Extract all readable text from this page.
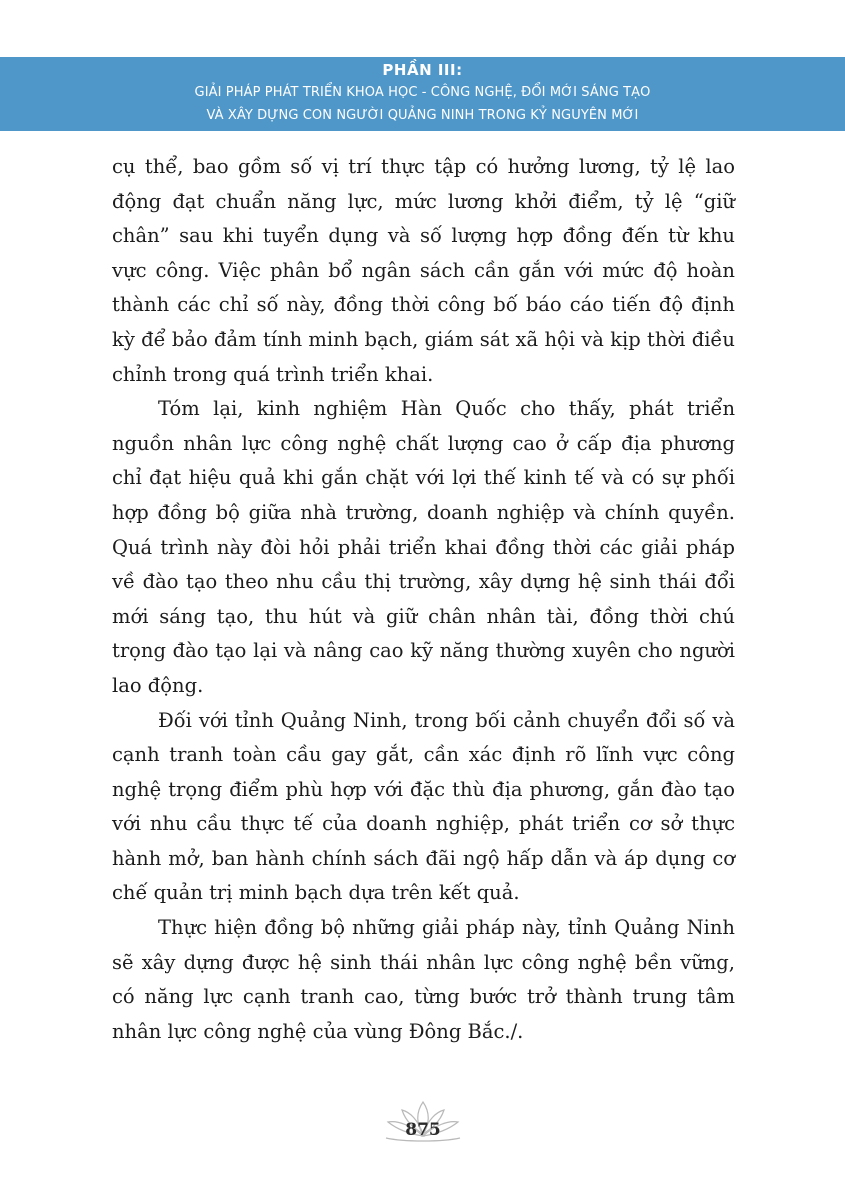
PHẦN III:
GIẢI PHÁP PHÁT TRIỂN KHOA HỌC - CÔNG NGHỆ, ĐỔI MỚI SÁNG TẠO
VÀ XÂY DỰNG CON NGƯỜI QUẢNG NINH TRONG KỶ NGUYÊN MỚI

cụ thể, bao gồm số vị trí thực tập có hưởng lương, tỷ lệ lao động đạt chuẩn năng lực, mức lương khởi điểm, tỷ lệ “giữ chân” sau khi tuyển dụng và số lượng hợp đồng đến từ khu vực công. Việc phân bổ ngân sách cần gắn với mức độ hoàn thành các chỉ số này, đồng thời công bố báo cáo tiến độ định kỳ để bảo đảm tính minh bạch, giám sát xã hội và kịp thời điều chỉnh trong quá trình triển khai.

Tóm lại, kinh nghiệm Hàn Quốc cho thấy, phát triển nguồn nhân lực công nghệ chất lượng cao ở cấp địa phương chỉ đạt hiệu quả khi gắn chặt với lợi thế kinh tế và có sự phối hợp đồng bộ giữa nhà trường, doanh nghiệp và chính quyền. Quá trình này đòi hỏi phải triển khai đồng thời các giải pháp về đào tạo theo nhu cầu thị trường, xây dựng hệ sinh thái đổi mới sáng tạo, thu hút và giữ chân nhân tài, đồng thời chú trọng đào tạo lại và nâng cao kỹ năng thường xuyên cho người lao động.

Đối với tỉnh Quảng Ninh, trong bối cảnh chuyển đổi số và cạnh tranh toàn cầu gay gắt, cần xác định rõ lĩnh vực công nghệ trọng điểm phù hợp với đặc thù địa phương, gắn đào tạo với nhu cầu thực tế của doanh nghiệp, phát triển cơ sở thực hành mở, ban hành chính sách đãi ngộ hấp dẫn và áp dụng cơ chế quản trị minh bạch dựa trên kết quả.

Thực hiện đồng bộ những giải pháp này, tỉnh Quảng Ninh sẽ xây dựng được hệ sinh thái nhân lực công nghệ bền vững, có năng lực cạnh tranh cao, từng bước trở thành trung tâm nhân lực công nghệ của vùng Đông Bắc./.

875
